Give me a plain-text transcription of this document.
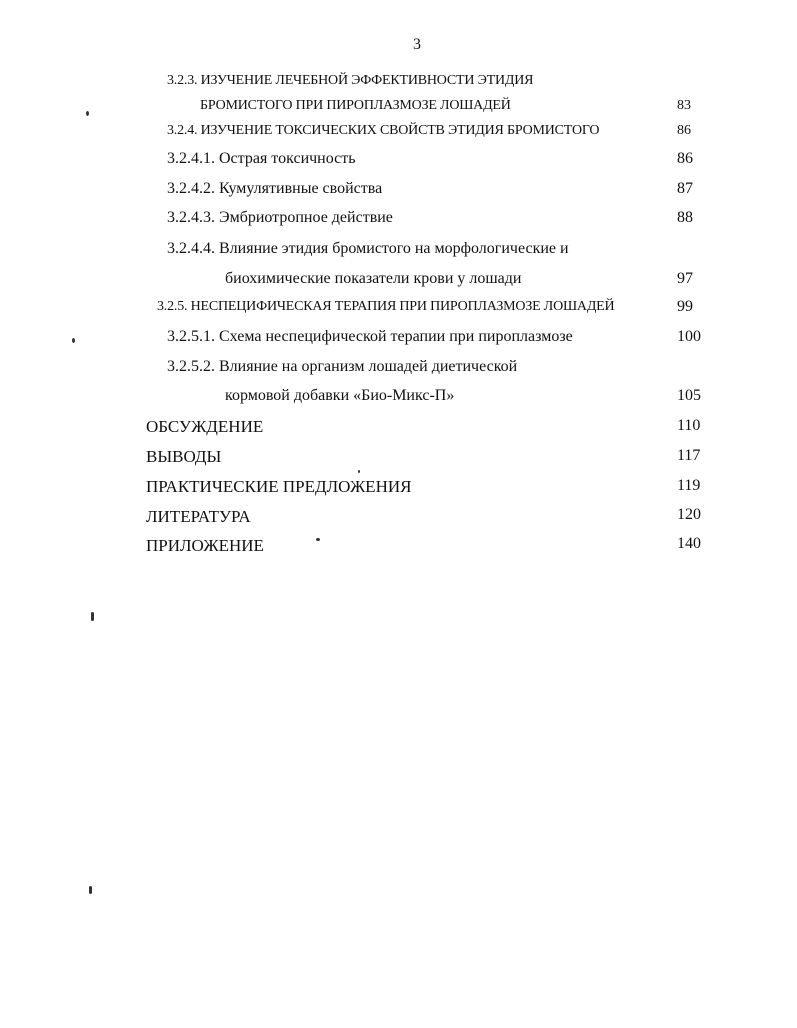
3
3.2.3. ИЗУЧЕНИЕ ЛЕЧЕБНОЙ ЭФФЕКТИВНОСТИ ЭТИДИЯ
БРОМИСТОГО ПРИ ПИРОПЛАЗМОЗЕ ЛОШАДЕЙ	83
3.2.4. ИЗУЧЕНИЕ ТОКСИЧЕСКИХ СВОЙСТВ ЭТИДИЯ БРОМИСТОГО	86
3.2.4.1. Острая токсичность	86
3.2.4.2. Кумулятивные свойства	87
3.2.4.3. Эмбриотропное действие	88
3.2.4.4. Влияние этидия бромистого на морфологические и
биохимические показатели крови у лошади	97
3.2.5. НЕСПЕЦИФИЧЕСКАЯ ТЕРАПИЯ ПРИ ПИРОПЛАЗМОЗЕ ЛОШАДЕЙ	99
3.2.5.1. Схема неспецифической терапии при пироплазмозе	100
3.2.5.2. Влияние на организм лошадей диетической
кормовой добавки «Био-Микс-П»	105
ОБСУЖДЕНИЕ	110
ВЫВОДЫ	117
ПРАКТИЧЕСКИЕ ПРЕДЛОЖЕНИЯ	119
ЛИТЕРАТУРА	120
ПРИЛОЖЕНИЕ	140
